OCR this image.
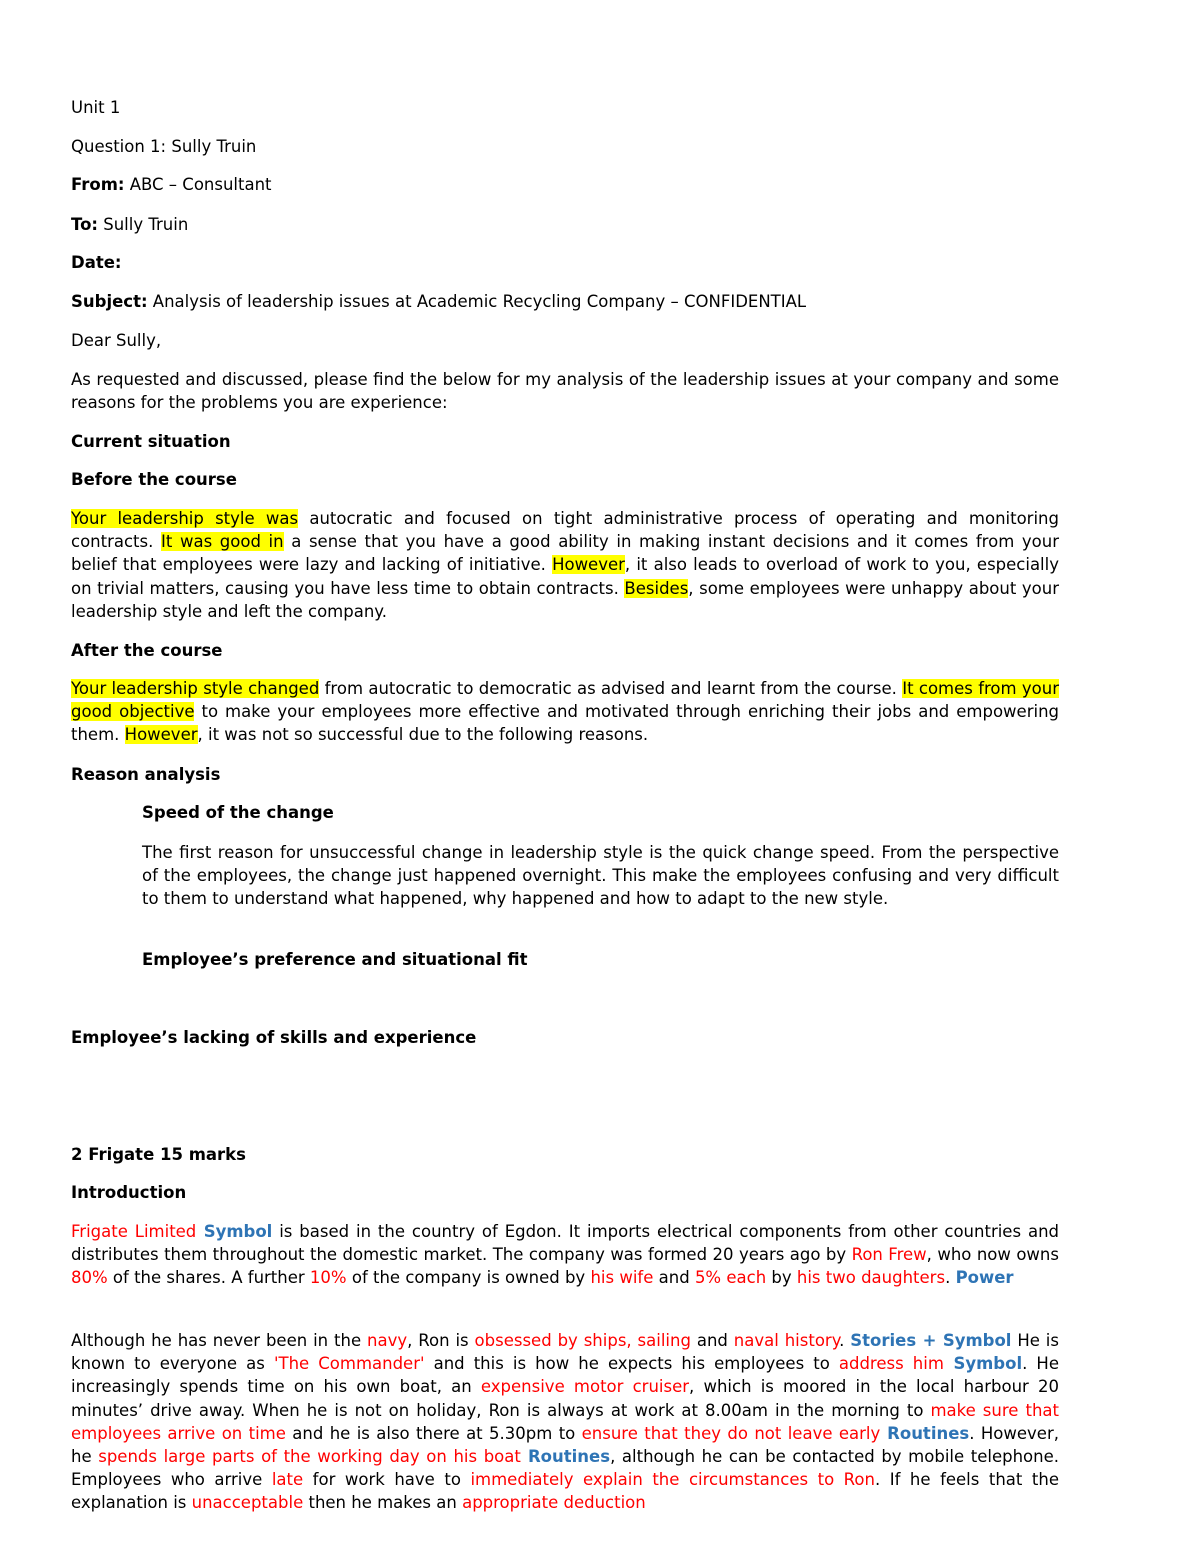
Unit 1
Question 1: Sully Truin
From: ABC – Consultant
To: Sully Truin
Date:
Subject: Analysis of leadership issues at Academic Recycling Company – CONFIDENTIAL
Dear Sully,
As requested and discussed, please find the below for my analysis of the leadership issues at your company and some reasons for the problems you are experience:
Current situation
Before the course
Your leadership style was autocratic and focused on tight administrative process of operating and monitoring contracts. It was good in a sense that you have a good ability in making instant decisions and it comes from your belief that employees were lazy and lacking of initiative. However, it also leads to overload of work to you, especially on trivial matters, causing you have less time to obtain contracts. Besides, some employees were unhappy about your leadership style and left the company.
After the course
Your leadership style changed from autocratic to democratic as advised and learnt from the course. It comes from your good objective to make your employees more effective and motivated through enriching their jobs and empowering them. However, it was not so successful due to the following reasons.
Reason analysis
Speed of the change
The first reason for unsuccessful change in leadership style is the quick change speed. From the perspective of the employees, the change just happened overnight. This make the employees confusing and very difficult to them to understand what happened, why happened and how to adapt to the new style.
Employee’s preference and situational fit
Employee’s lacking of skills and experience
2 Frigate 15 marks
Introduction
Frigate Limited Symbol is based in the country of Egdon. It imports electrical components from other countries and distributes them throughout the domestic market. The company was formed 20 years ago by Ron Frew, who now owns 80% of the shares. A further 10% of the company is owned by his wife and 5% each by his two daughters. Power
Although he has never been in the navy, Ron is obsessed by ships, sailing and naval history. Stories + Symbol He is known to everyone as 'The Commander' and this is how he expects his employees to address him Symbol. He increasingly spends time on his own boat, an expensive motor cruiser, which is moored in the local harbour 20 minutes’ drive away. When he is not on holiday, Ron is always at work at 8.00am in the morning to make sure that employees arrive on time and he is also there at 5.30pm to ensure that they do not leave early Routines. However, he spends large parts of the working day on his boat Routines, although he can be contacted by mobile telephone. Employees who arrive late for work have to immediately explain the circumstances to Ron. If he feels that the explanation is unacceptable then he makes an appropriate deduction
